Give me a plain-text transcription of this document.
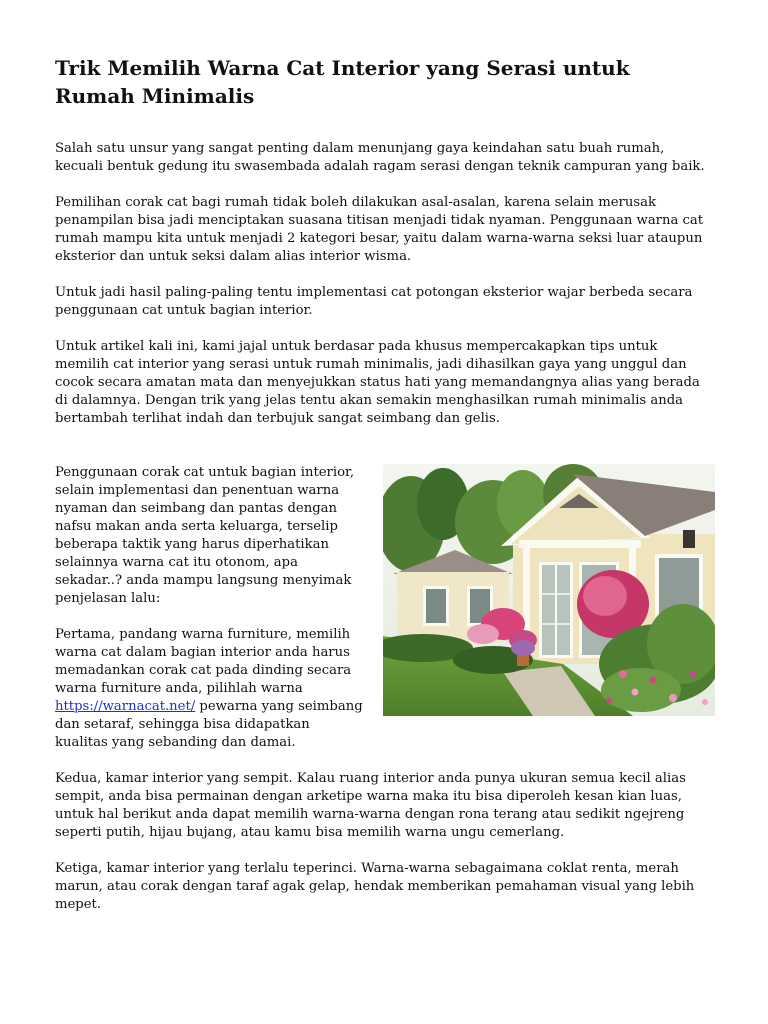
Trik Memilih Warna Cat Interior yang Serasi untuk Rumah Minimalis

Salah satu unsur yang sangat penting dalam menunjang gaya keindahan satu buah rumah, kecuali bentuk gedung itu swasembada adalah ragam serasi dengan teknik campuran yang baik.

Pemilihan corak cat bagi rumah tidak boleh dilakukan asal-asalan, karena selain merusak penampilan bisa jadi menciptakan suasana titisan menjadi tidak nyaman. Penggunaan warna cat rumah mampu kita untuk menjadi 2 kategori besar, yaitu dalam warna-warna seksi luar ataupun eksterior dan untuk seksi dalam alias interior wisma.

Untuk jadi hasil paling-paling tentu implementasi cat potongan eksterior wajar berbeda secara penggunaan cat untuk bagian interior.

Untuk artikel kali ini, kami jajal untuk berdasar pada khusus mempercakapkan tips untuk memilih cat interior yang serasi untuk rumah minimalis, jadi dihasilkan gaya yang unggul dan cocok secara amatan mata dan menyejukkan status hati yang memandangnya alias yang berada di dalamnya. Dengan trik yang jelas tentu akan semakin menghasilkan rumah minimalis anda bertambah terlihat indah dan terbujuk sangat seimbang dan gelis.

Penggunaan corak cat untuk bagian interior, selain implementasi dan penentuan warna nyaman dan seimbang dan pantas dengan nafsu makan anda serta keluarga, terselip beberapa taktik yang harus diperhatikan selainnya warna cat itu otonom, apa sekadar..? anda mampu langsung menyimak penjelasan lalu:

Pertama, pandang warna furniture, memilih warna cat dalam bagian interior anda harus memadankan corak cat pada dinding secara warna furniture anda, pilihlah warna https://warnacat.net/ pewarna yang seimbang dan setaraf, sehingga bisa didapatkan kualitas yang sebanding dan damai.

Kedua, kamar interior yang sempit. Kalau ruang interior anda punya ukuran semua kecil alias sempit, anda bisa permainan dengan arketipe warna maka itu bisa diperoleh kesan kian luas, untuk hal berikut anda dapat memilih warna-warna dengan rona terang atau sedikit ngejreng seperti putih, hijau bujang, atau kamu bisa memilih warna ungu cemerlang.

Ketiga, kamar interior yang terlalu teperinci. Warna-warna sebagaimana coklat renta, merah marun, atau corak dengan taraf agak gelap, hendak memberikan pemahaman visual yang lebih mepet.
